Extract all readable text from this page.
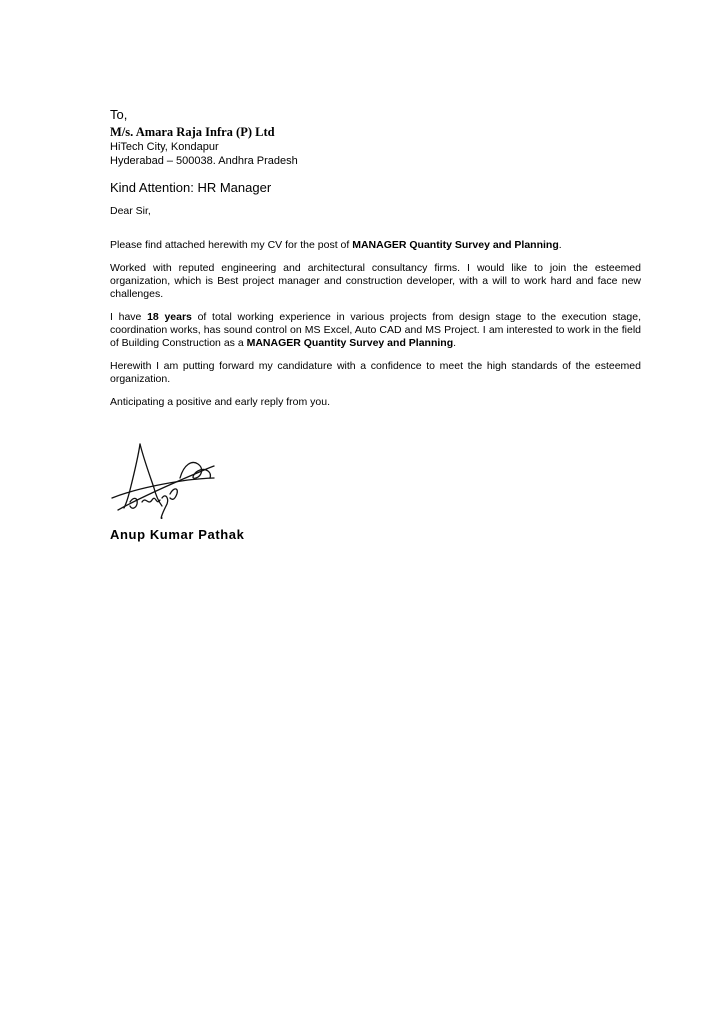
To,

M/s. Amara Raja Infra (P) Ltd

HiTech City, Kondapur

Hyderabad – 500038. Andhra Pradesh

Kind Attention: HR Manager

Dear Sir,

Please find attached herewith my CV for the post of MANAGER Quantity Survey and Planning.

Worked with reputed engineering and architectural consultancy firms. I would like to join the esteemed organization, which is Best project manager and construction developer, with a will to work hard and face new challenges.

I have 18 years of total working experience in various projects from design stage to the execution stage, coordination works, has sound control on MS Excel, Auto CAD and MS Project. I am interested to work in the field of Building Construction as a MANAGER Quantity Survey and Planning.

Herewith I am putting forward my candidature with a confidence to meet the high standards of the esteemed organization.

Anticipating a positive and early reply from you.

Anup Kumar Pathak
